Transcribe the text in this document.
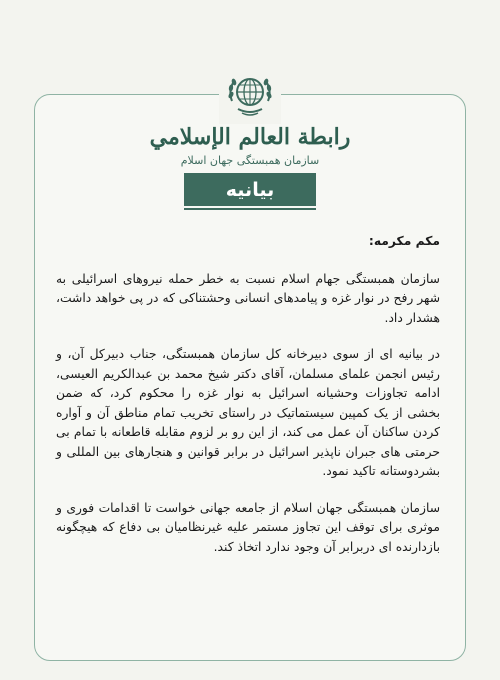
رابطة العالم الإسلامي
سازمان همبستگی جهان اسلام
بیانیه

مکم مکرمه:

سازمان همبستگی جهام اسلام نسبت به خطر حمله نیروهای اسرائیلی به شهر رفح در نوار غزه و پیامدهای انسانی وحشتناکی که در پی خواهد داشت، هشدار داد.

در بیانیه ای از سوی دبیرخانه کل سازمان همبستگی، جناب دبیرکل آن، و رئیس انجمن علمای مسلمان، آقای دکتر شیخ محمد بن عبدالکریم العیسی، ادامه تجاوزات وحشیانه اسرائیل به نوار غزه را محکوم کرد، که ضمن بخشی از یک کمپین سیستماتیک در راستای تخریب تمام مناطق آن و آواره کردن ساکنان آن عمل می کند، از این رو بر لزوم مقابله قاطعانه با تمام بی حرمتی های جبران ناپذیر اسرائیل در برابر قوانین و هنجارهای بین المللی و بشردوستانه تاکید نمود.

سازمان همبستگی جهان اسلام از جامعه جهانی خواست تا اقدامات فوری و موثری برای توقف این تجاوز مستمر علیه غیرنظامیان بی دفاع که هیچگونه بازدارنده ای دربرابر آن وجود ندارد اتخاذ کند.
